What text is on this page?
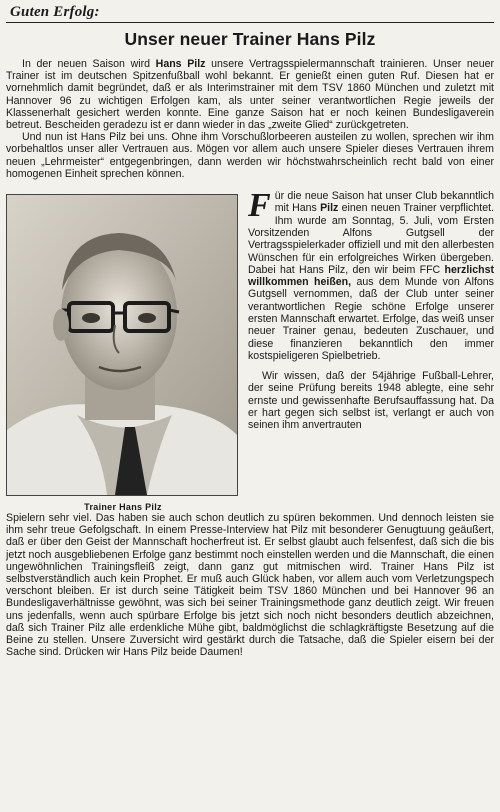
Guten Erfolg:
Unser neuer Trainer Hans Pilz

In der neuen Saison wird Hans Pilz unsere Vertragsspielermannschaft trainieren. Unser neuer Trainer ist im deutschen Spitzenfußball wohl bekannt. Er genießt einen guten Ruf. Diesen hat er vornehmlich damit begründet, daß er als Interimstrainer mit dem TSV 1860 München und zuletzt mit Hannover 96 zu wichtigen Erfolgen kam, als unter seiner verantwortlichen Regie jeweils der Klassenerhalt gesichert werden konnte. Eine ganze Saison hat er noch keinen Bundesligaverein betreut. Bescheiden geradezu ist er dann wieder in das „zweite Glied“ zurückgetreten.

Und nun ist Hans Pilz bei uns. Ohne ihm Vorschußlorbeeren austeilen zu wollen, sprechen wir ihm vorbehaltlos unser aller Vertrauen aus. Mögen vor allem auch unsere Spieler dieses Vertrauen ihrem neuen „Lehrmeister“ entgegenbringen, dann werden wir höchstwahrscheinlich recht bald von einer homogenen Einheit sprechen können.

Trainer Hans Pilz

Für die neue Saison hat unser Club bekanntlich mit Hans Pilz einen neuen Trainer verpflichtet. Ihm wurde am Sonntag, 5. Juli, vom Ersten Vorsitzenden Alfons Gutgsell der Vertragsspielerkader offiziell und mit den allerbesten Wünschen für ein erfolgreiches Wirken übergeben. Dabei hat Hans Pilz, den wir beim FFC herzlichst willkommen heißen, aus dem Munde von Alfons Gutgsell vernommen, daß der Club unter seiner verantwortlichen Regie schöne Erfolge unserer ersten Mannschaft erwartet. Erfolge, das weiß unser neuer Trainer genau, bedeuten Zuschauer, und diese finanzieren bekanntlich den immer kostspieligeren Spielbetrieb.

Wir wissen, daß der 54jährige Fußball-Lehrer, der seine Prüfung bereits 1948 ablegte, eine sehr ernste und gewissenhafte Berufsauffassung hat. Da er hart gegen sich selbst ist, verlangt er auch von seinen ihm anvertrauten

Spielern sehr viel. Das haben sie auch schon deutlich zu spüren bekommen. Und dennoch leisten sie ihm sehr treue Gefolgschaft. In einem Presse-Interview hat Pilz mit besonderer Genugtuung geäußert, daß er über den Geist der Mannschaft hocherfreut ist. Er selbst glaubt auch felsenfest, daß sich die bis jetzt noch ausgebliebenen Erfolge ganz bestimmt noch einstellen werden und die Mannschaft, die einen ungewöhnlichen Trainingsfleiß zeigt, dann ganz gut mitmischen wird. Trainer Hans Pilz ist selbstverständlich auch kein Prophet. Er muß auch Glück haben, vor allem auch vom Verletzungspech verschont bleiben. Er ist durch seine Tätigkeit beim TSV 1860 München und bei Hannover 96 an Bundesligaverhältnisse gewöhnt, was sich bei seiner Trainingsmethode ganz deutlich zeigt. Wir freuen uns jedenfalls, wenn auch spürbare Erfolge bis jetzt sich noch nicht besonders deutlich abzeichnen, daß sich Trainer Pilz alle erdenkliche Mühe gibt, baldmöglichst die schlagkräftigste Besetzung auf die Beine zu stellen. Unsere Zuversicht wird gestärkt durch die Tatsache, daß die Spieler eisern bei der Sache sind. Drücken wir Hans Pilz beide Daumen!
